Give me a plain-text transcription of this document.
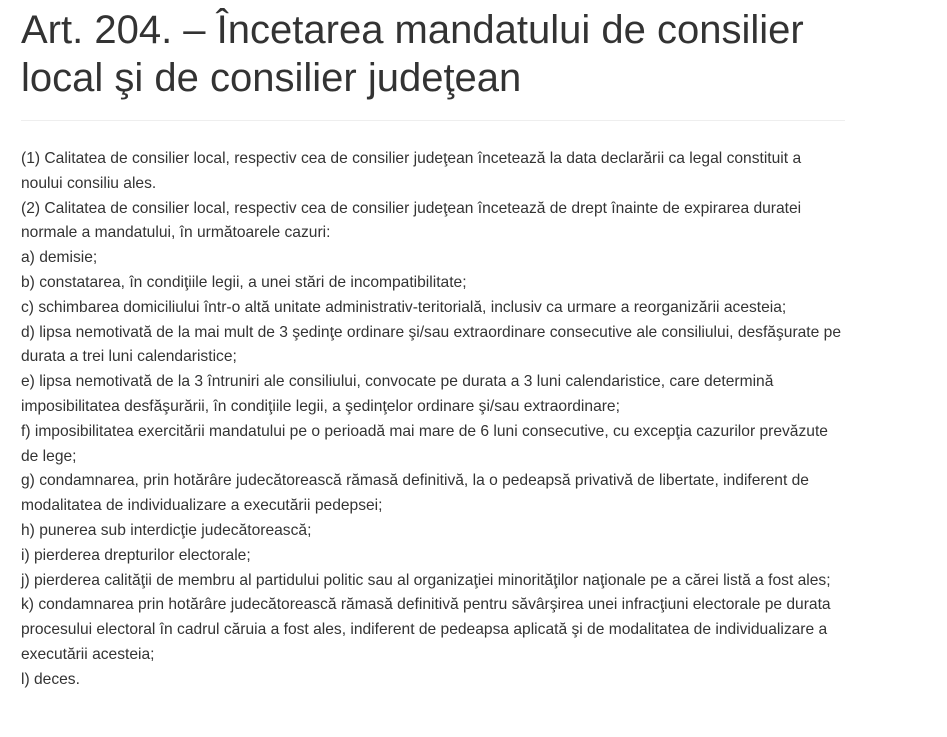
Art. 204. – Încetarea mandatului de consilier local şi de consilier judeţean

(1) Calitatea de consilier local, respectiv cea de consilier judeţean încetează la data declarării ca legal constituit a noului consiliu ales.

(2) Calitatea de consilier local, respectiv cea de consilier judeţean încetează de drept înainte de expirarea duratei normale a mandatului, în următoarele cazuri:

a) demisie;

b) constatarea, în condiţiile legii, a unei stări de incompatibilitate;

c) schimbarea domiciliului într-o altă unitate administrativ-teritorială, inclusiv ca urmare a reorganizării acesteia;

d) lipsa nemotivată de la mai mult de 3 şedinţe ordinare şi/sau extraordinare consecutive ale consiliului, desfăşurate pe durata a trei luni calendaristice;

e) lipsa nemotivată de la 3 întruniri ale consiliului, convocate pe durata a 3 luni calendaristice, care determină imposibilitatea desfăşurării, în condiţiile legii, a şedinţelor ordinare şi/sau extraordinare;

f) imposibilitatea exercitării mandatului pe o perioadă mai mare de 6 luni consecutive, cu excepţia cazurilor prevăzute de lege;

g) condamnarea, prin hotărâre judecătorească rămasă definitivă, la o pedeapsă privativă de libertate, indiferent de modalitatea de individualizare a executării pedepsei;

h) punerea sub interdicţie judecătorească;

i) pierderea drepturilor electorale;

j) pierderea calităţii de membru al partidului politic sau al organizaţiei minorităţilor naţionale pe a cărei listă a fost ales;

k) condamnarea prin hotărâre judecătorească rămasă definitivă pentru săvârşirea unei infracţiuni electorale pe durata procesului electoral în cadrul căruia a fost ales, indiferent de pedeapsa aplicată şi de modalitatea de individualizare a executării acesteia;

l) deces.
